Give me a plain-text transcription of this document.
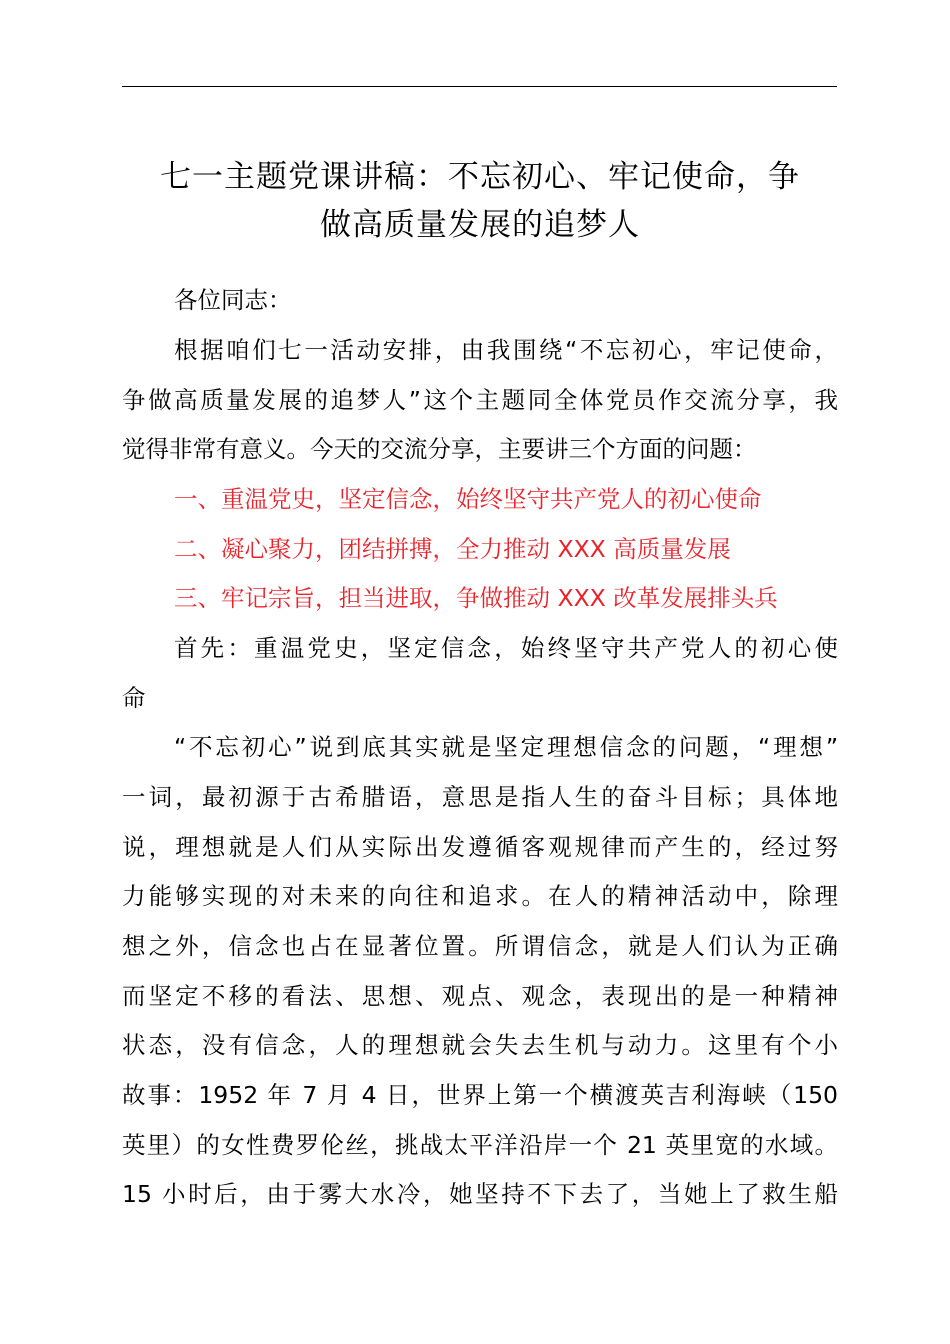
七一主题党课讲稿：不忘初心、牢记使命，争
做高质量发展的追梦人

各位同志：

根据咱们七一活动安排，由我围绕“不忘初心，牢记使命，

争做高质量发展的追梦人”这个主题同全体党员作交流分享，我

觉得非常有意义。今天的交流分享，主要讲三个方面的问题：

一、重温党史，坚定信念，始终坚守共产党人的初心使命

二、凝心聚力，团结拼搏，全力推动 XXX 高质量发展

三、牢记宗旨，担当进取，争做推动 XXX 改革发展排头兵

首先：重温党史，坚定信念，始终坚守共产党人的初心使

命

“不忘初心”说到底其实就是坚定理想信念的问题，“理想”

一词，最初源于古希腊语，意思是指人生的奋斗目标；具体地

说，理想就是人们从实际出发遵循客观规律而产生的，经过努

力能够实现的对未来的向往和追求。在人的精神活动中，除理

想之外，信念也占在显著位置。所谓信念，就是人们认为正确

而坚定不移的看法、思想、观点、观念，表现出的是一种精神

状态，没有信念，人的理想就会失去生机与动力。这里有个小

故事：1952 年 7 月 4 日，世界上第一个横渡英吉利海峡（150

英里）的女性费罗伦丝，挑战太平洋沿岸一个 21 英里宽的水域。

15 小时后，由于雾大水冷，她坚持不下去了，当她上了救生船
